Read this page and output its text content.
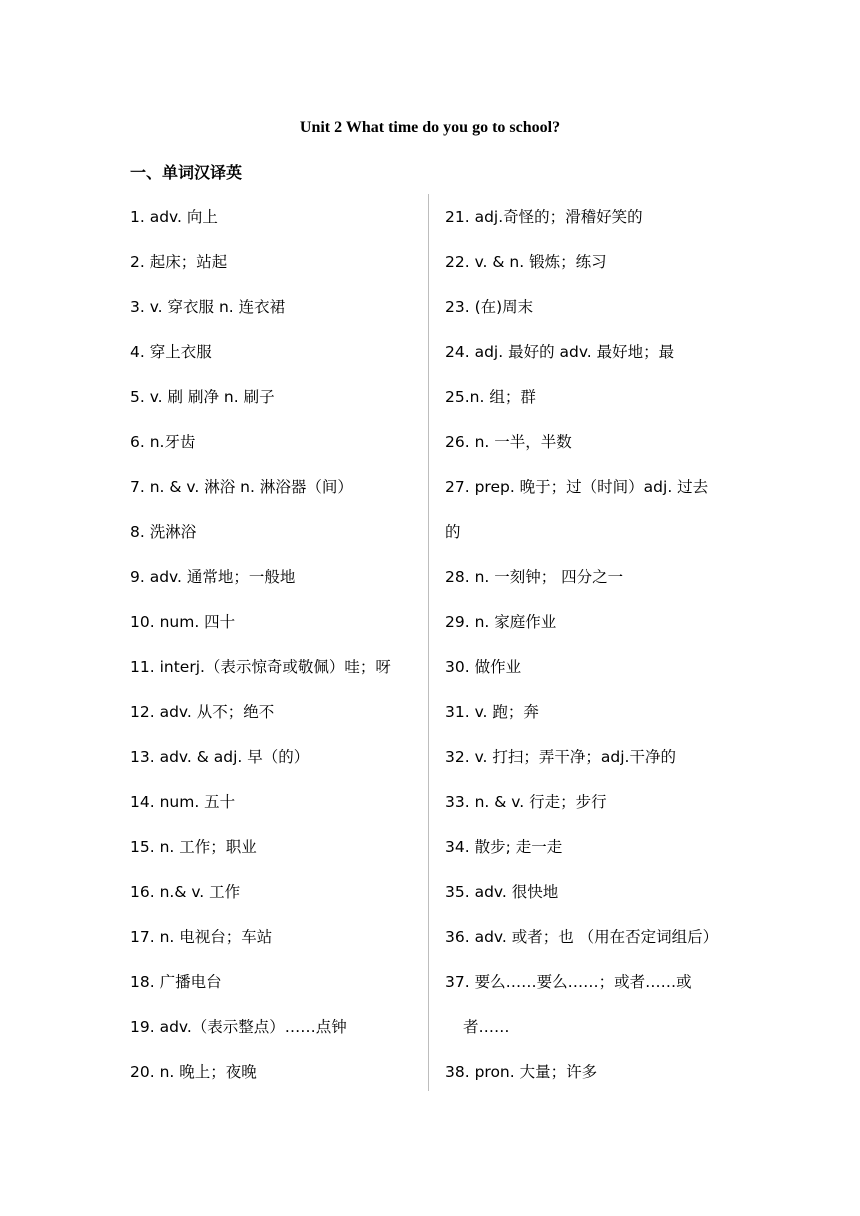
Unit 2 What time do you go to school?
一、单词汉译英
1. adv. 向上
2. 起床；站起
3. v. 穿衣服 n. 连衣裙
4. 穿上衣服
5. v. 刷 刷净 n. 刷子
6. n.牙齿
7. n. & v. 淋浴 n. 淋浴器（间）
8. 洗淋浴
9. adv. 通常地；一般地
10. num. 四十
11. interj.（表示惊奇或敬佩）哇；呀
12. adv. 从不；绝不
13. adv. & adj. 早（的）
14. num. 五十
15. n. 工作；职业
16. n.& v. 工作
17. n. 电视台；车站
18. 广播电台
19. adv.（表示整点）……点钟
20. n. 晚上；夜晚
21. adj.奇怪的；滑稽好笑的
22. v. & n. 锻炼；练习
23. (在)周末
24. adj. 最好的 adv. 最好地；最
25.n. 组；群
26. n. 一半，半数
27. prep. 晚于；过（时间）adj. 过去
的
28. n. 一刻钟； 四分之一
29. n. 家庭作业
30. 做作业
31. v. 跑；奔
32. v. 打扫；弄干净；adj.干净的
33. n. & v. 行走；步行
34. 散步; 走一走
35. adv. 很快地
36. adv. 或者；也 （用在否定词组后）
37. 要么……要么……；或者……或
者……
38. pron. 大量；许多
